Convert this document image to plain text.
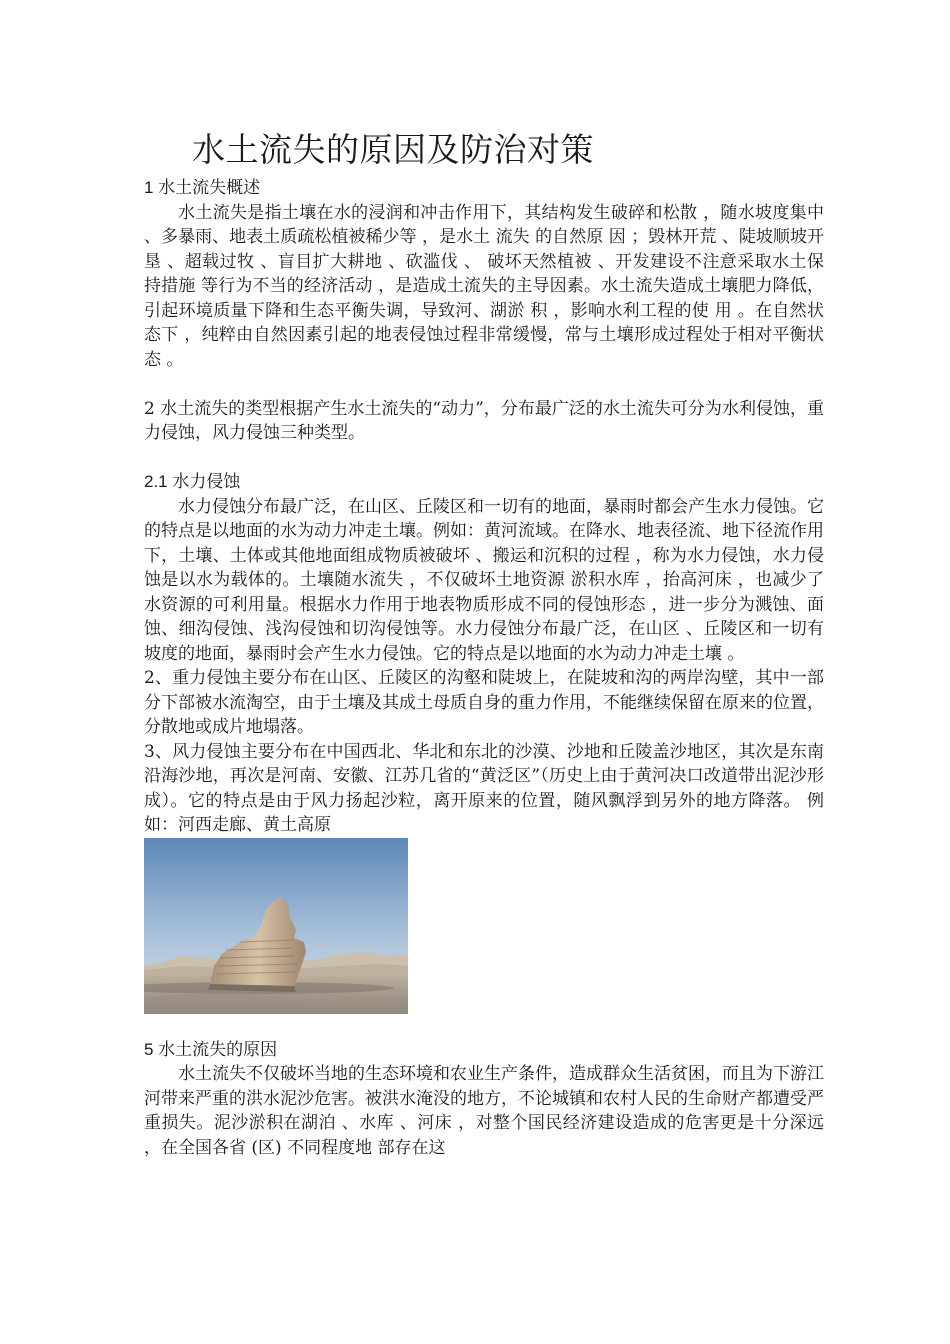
水土流失的原因及防治对策

1 水土流失概述

水土流失是指土壤在水的浸润和冲击作用下，其结构发生破碎和松散 ，随水坡度集中 、多暴雨、地表土质疏松植被稀少等 ，是水土 流失 的自然原 因 ；毁林开荒 、陡坡顺坡开垦 、超载过牧 、盲目扩大耕地 、砍滥伐 、 破坏天然植被 、开发建设不注意采取水土保 持措施 等行为不当的经济活动 ，是造成土流失的主导因素。水土流失造成土壤肥力降低，引起环境质量下降和生态平衡失调，导致河、湖淤 积 ，影响水利工程的使 用 。在自然状态下 ，纯粹由自然因素引起的地表侵蚀过程非常缓慢，常与土壤形成过程处于相对平衡状态 。

2 水土流失的类型根据产生水土流失的“动力”，分布最广泛的水土流失可分为水利侵蚀，重力侵蚀，风力侵蚀三种类型。

2.1 水力侵蚀

水力侵蚀分布最广泛，在山区、丘陵区和一切有的地面，暴雨时都会产生水力侵蚀。它的特点是以地面的水为动力冲走土壤。例如：黄河流域。在降水、地表径流、地下径流作用下，土壤、土体或其他地面组成物质被破坏 、搬运和沉积的过程 ，称为水力侵蚀，水力侵蚀是以水为载体的。土壤随水流失 ，不仅破坏土地资源 淤积水库 ，抬高河床 ，也减少了水资源的可利用量。根据水力作用于地表物质形成不同的侵蚀形态 ，进一步分为溅蚀、面蚀、细沟侵蚀、浅沟侵蚀和切沟侵蚀等。水力侵蚀分布最广泛，在山区 、丘陵区和一切有坡度的地面，暴雨时会产生水力侵蚀。它的特点是以地面的水为动力冲走土壤 。

2、重力侵蚀主要分布在山区、丘陵区的沟壑和陡坡上，在陡坡和沟的两岸沟壁，其中一部分下部被水流淘空，由于土壤及其成土母质自身的重力作用，不能继续保留在原来的位置，分散地或成片地塌落。

3、风力侵蚀主要分布在中国西北、华北和东北的沙漠、沙地和丘陵盖沙地区，其次是东南沿海沙地，再次是河南、安徽、江苏几省的“黄泛区”（历史上由于黄河决口改道带出泥沙形成）。它的特点是由于风力扬起沙粒，离开原来的位置，随风飘浮到另外的地方降落。 例如：河西走廊、黄土高原

5 水土流失的原因

水土流失不仅破坏当地的生态环境和农业生产条件，造成群众生活贫困，而且为下游江河带来严重的洪水泥沙危害。被洪水淹没的地方，不论城镇和农村人民的生命财产都遭受严重损失。泥沙淤积在湖泊 、水库 、河床 ，对整个国民经济建设造成的危害更是十分深远 ，在全国各省 (区) 不同程度地 部存在这
